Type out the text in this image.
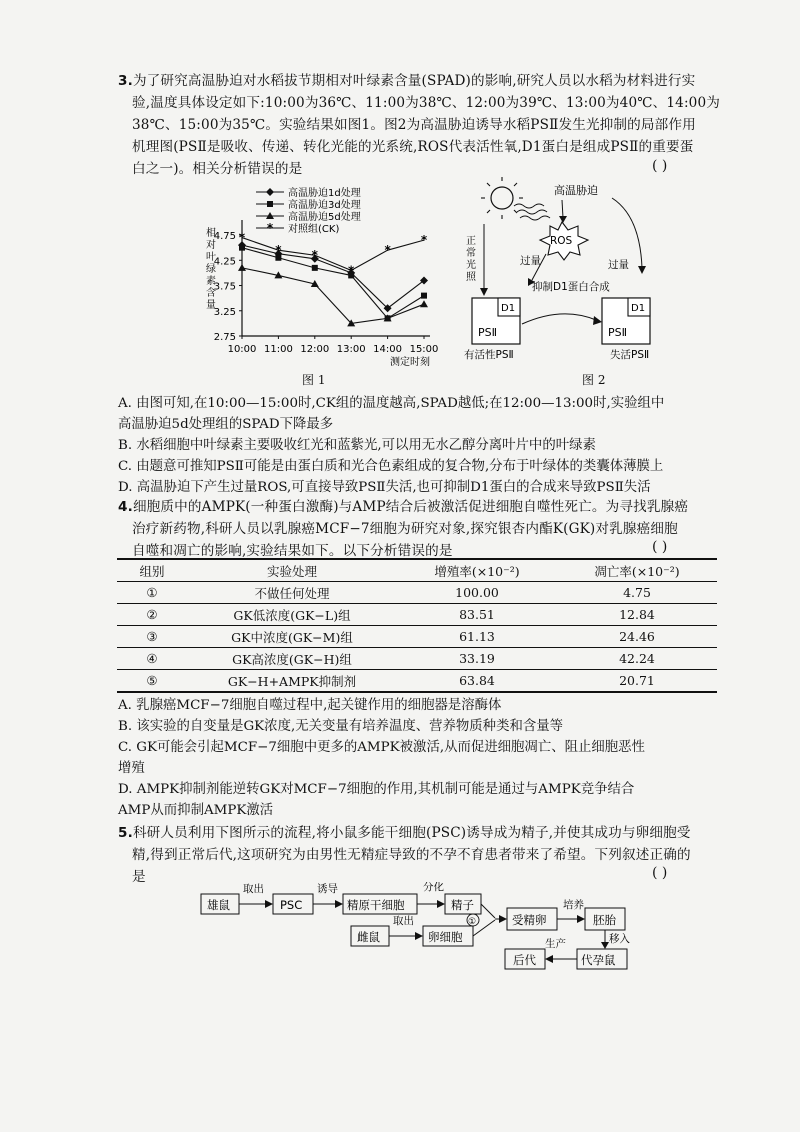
3.为了研究高温胁迫对水稻拔节期相对叶绿素含量(SPAD)的影响,研究人员以水稻为材料进行实
验,温度具体设定如下:10:00为36℃、11:00为38℃、12:00为39℃、13:00为40℃、14:00为
38℃、15:00为35℃。实验结果如图1。图2为高温胁迫诱导水稻PSⅡ发生光抑制的局部作用
机理图(PSⅡ是吸收、传递、转化光能的光系统,ROS代表活性氧,D1蛋白是组成PSⅡ的重要蛋
白之一)。相关分析错误的是	( )
2.75
3.25
3.75
4.25
4.75
10:00 11:00 12:00 13:00 14:00 15:00
测定时刻
相
对
叶
绿
素
含
量
高温胁迫1d处理
高温胁迫3d处理
高温胁迫5d处理
*
*	*
*
*
*
* 对照组(CK)
图 1
高温胁迫
正
常
光
照
ROS
过量	过量
抑制D1蛋白合成
D1
PSⅡ
D1
PSⅡ
有活性PSⅡ	失活PSⅡ
图 2
A. 由图可知,在10:00—15:00时,CK组的温度越高,SPAD越低;在12:00—13:00时,实验组中
高温胁迫5d处理组的SPAD下降最多
B. 水稻细胞中叶绿素主要吸收红光和蓝紫光,可以用无水乙醇分离叶片中的叶绿素
C. 由题意可推知PSⅡ可能是由蛋白质和光合色素组成的复合物,分布于叶绿体的类囊体薄膜上
D. 高温胁迫下产生过量ROS,可直接导致PSⅡ失活,也可抑制D1蛋白的合成来导致PSⅡ失活
4.细胞质中的AMPK(一种蛋白激酶)与AMP结合后被激活促进细胞自噬性死亡。为寻找乳腺癌
治疗新药物,科研人员以乳腺癌MCF−7细胞为研究对象,探究银杏内酯K(GK)对乳腺癌细胞
自噬和凋亡的影响,实验结果如下。以下分析错误的是	( )
组别	实验处理	增殖率(×10⁻²)	凋亡率(×10⁻²)
①	不做任何处理	100.00	4.75
②	GK低浓度(GK−L)组	83.51	12.84
③	GK中浓度(GK−M)组	61.13	24.46
④	GK高浓度(GK−H)组	33.19	42.24
⑤	GK−H+AMPK抑制剂	63.84	20.71
A. 乳腺癌MCF−7细胞自噬过程中,起关键作用的细胞器是溶酶体
B. 该实验的自变量是GK浓度,无关变量有培养温度、营养物质种类和含量等
C. GK可能会引起MCF−7细胞中更多的AMPK被激活,从而促进细胞凋亡、阻止细胞恶性
增殖
D. AMPK抑制剂能逆转GK对MCF−7细胞的作用,其机制可能是通过与AMPK竞争结合
AMP从而抑制AMPK激活
5.科研人员利用下图所示的流程,将小鼠多能干细胞(PSC)诱导成为精子,并使其成功与卵细胞受
精,得到正常后代,这项研究为由男性无精症导致的不孕不育患者带来了希望。下列叙述正确的
是	( )
雄鼠
取出
PSC
诱导
精原干细胞
分化
精子
雌鼠
取出
卵细胞
①	受精卵
培养
胚胎
移入
代孕鼠
生产
后代
